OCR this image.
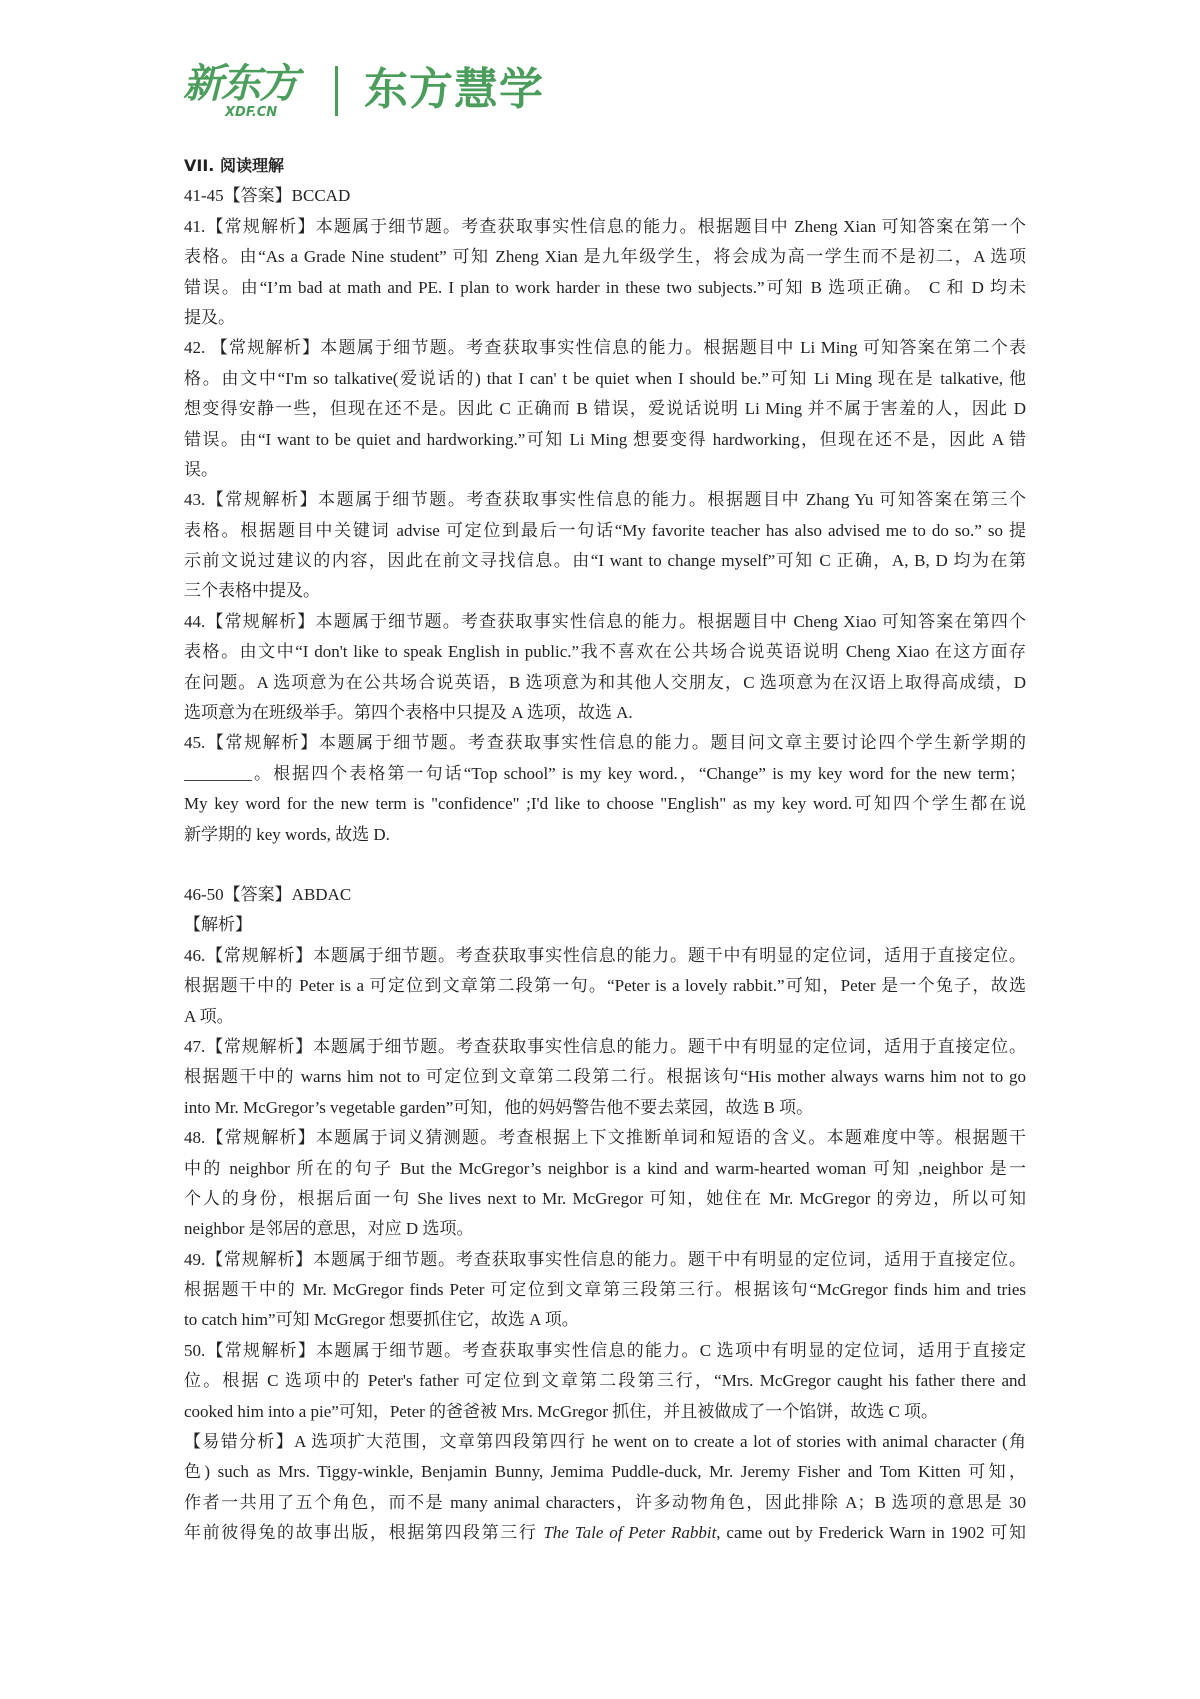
新东方
XDF.CN 东方慧学
VII. 阅读理解
41-45【答案】BCCAD
41.【常规解析】本题属于细节题。考查获取事实性信息的能力。根据题目中 Zheng Xian 可知答案在第一个
表格。由“As a Grade Nine student” 可知 Zheng Xian 是九年级学生，将会成为高一学生而不是初二，A 选项
错误。由“I’m bad at math and PE. I plan to work harder in these two subjects.”可知 B 选项正确。 C 和 D 均未
提及。
42. 【常规解析】本题属于细节题。考查获取事实性信息的能力。根据题目中 Li Ming 可知答案在第二个表
格。由文中“I'm so talkative(爱说话的) that I can' t be quiet when I should be.”可知 Li Ming 现在是 talkative, 他
想变得安静一些，但现在还不是。因此 C 正确而 B 错误，爱说话说明 Li Ming 并不属于害羞的人，因此 D
错误。由“I want to be quiet and hardworking.”可知 Li Ming 想要变得 hardworking，但现在还不是，因此 A 错
误。
43.【常规解析】本题属于细节题。考查获取事实性信息的能力。根据题目中 Zhang Yu 可知答案在第三个
表格。根据题目中关键词 advise 可定位到最后一句话“My favorite teacher has also advised me to do so.” so 提
示前文说过建议的内容，因此在前文寻找信息。由“I want to change myself”可知 C 正确，A, B, D 均为在第
三个表格中提及。
44.【常规解析】本题属于细节题。考查获取事实性信息的能力。根据题目中 Cheng Xiao 可知答案在第四个
表格。由文中“I don't like to speak English in public.”我不喜欢在公共场合说英语说明 Cheng Xiao 在这方面存
在问题。A 选项意为在公共场合说英语，B 选项意为和其他人交朋友，C 选项意为在汉语上取得高成绩，D
选项意为在班级举手。第四个表格中只提及 A 选项，故选 A.
45.【常规解析】本题属于细节题。考查获取事实性信息的能力。题目问文章主要讨论四个学生新学期的
________。根据四个表格第一句话“Top school” is my key word.，“Change” is my key word for the new term；
My key word for the new term is "confidence" ;I'd like to choose "English" as my key word.可知四个学生都在说
新学期的 key words, 故选 D.
46-50【答案】ABDAC
【解析】
46.【常规解析】本题属于细节题。考查获取事实性信息的能力。题干中有明显的定位词，适用于直接定位。
根据题干中的 Peter is a 可定位到文章第二段第一句。“Peter is a lovely rabbit.”可知，Peter 是一个兔子，故选
A 项。
47.【常规解析】本题属于细节题。考查获取事实性信息的能力。题干中有明显的定位词，适用于直接定位。
根据题干中的 warns him not to 可定位到文章第二段第二行。根据该句“His mother always warns him not to go
into Mr. McGregor’s vegetable garden”可知，他的妈妈警告他不要去菜园，故选 B 项。
48.【常规解析】本题属于词义猜测题。考查根据上下文推断单词和短语的含义。本题难度中等。根据题干
中的 neighbor 所在的句子 But the McGregor’s neighbor is a kind and warm-hearted woman 可知 ,neighbor 是一
个人的身份，根据后面一句 She lives next to Mr. McGregor 可知，她住在 Mr. McGregor 的旁边，所以可知
neighbor 是邻居的意思，对应 D 选项。
49.【常规解析】本题属于细节题。考查获取事实性信息的能力。题干中有明显的定位词，适用于直接定位。
根据题干中的 Mr. McGregor finds Peter 可定位到文章第三段第三行。根据该句“McGregor finds him and tries
to catch him”可知 McGregor 想要抓住它，故选 A 项。
50.【常规解析】本题属于细节题。考查获取事实性信息的能力。C 选项中有明显的定位词，适用于直接定
位。根据 C 选项中的 Peter's father 可定位到文章第二段第三行，“Mrs. McGregor caught his father there and
cooked him into a pie”可知，Peter 的爸爸被 Mrs. McGregor 抓住，并且被做成了一个馅饼，故选 C 项。
【易错分析】A 选项扩大范围，文章第四段第四行 he went on to create a lot of stories with animal character (角
色) such as Mrs. Tiggy-winkle, Benjamin Bunny, Jemima Puddle-duck, Mr. Jeremy Fisher and Tom Kitten 可知，
作者一共用了五个角色，而不是 many animal characters，许多动物角色，因此排除 A；B 选项的意思是 30
年前彼得兔的故事出版，根据第四段第三行 The Tale of Peter Rabbit, came out by Frederick Warn in 1902 可知
